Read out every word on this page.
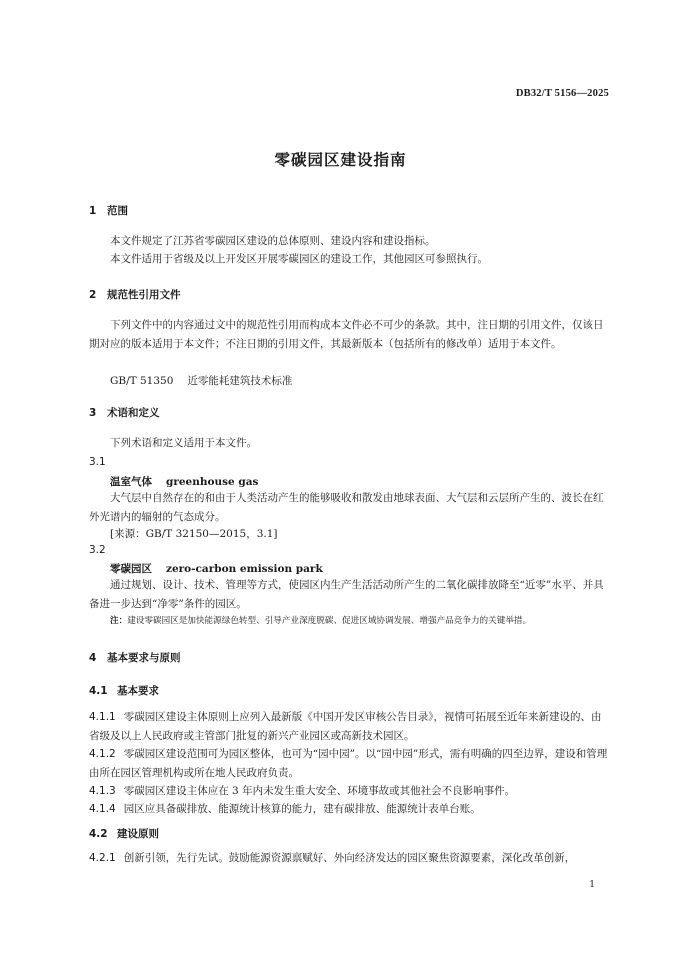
DB32/T 5156—2025
零碳园区建设指南
1 范围
本文件规定了江苏省零碳园区建设的总体原则、建设内容和建设指标。
本文件适用于省级及以上开发区开展零碳园区的建设工作，其他园区可参照执行。
2 规范性引用文件
下列文件中的内容通过文中的规范性引用而构成本文件必不可少的条款。其中，注日期的引用文件，仅该日期对应的版本适用于本文件；不注日期的引用文件，其最新版本（包括所有的修改单）适用于本文件。
GB/T 51350 近零能耗建筑技术标准
3 术语和定义
下列术语和定义适用于本文件。
3.1
温室气体 greenhouse gas
大气层中自然存在的和由于人类活动产生的能够吸收和散发由地球表面、大气层和云层所产生的、波长在红外光谱内的辐射的气态成分。
[来源：GB/T 32150—2015，3.1]
3.2
零碳园区 zero-carbon emission park
通过规划、设计、技术、管理等方式，使园区内生产生活活动所产生的二氧化碳排放降至“近零”水平、并具备进一步达到“净零”条件的园区。
注：建设零碳园区是加快能源绿色转型、引导产业深度脱碳、促进区域协调发展、增强产品竞争力的关键举措。
4 基本要求与原则
4.1 基本要求
4.1.1 零碳园区建设主体原则上应列入最新版《中国开发区审核公告目录》，视情可拓展至近年来新建设的、由省级及以上人民政府或主管部门批复的新兴产业园区或高新技术园区。
4.1.2 零碳园区建设范围可为园区整体，也可为“园中园”。以“园中园”形式，需有明确的四至边界，建设和管理由所在园区管理机构或所在地人民政府负责。
4.1.3 零碳园区建设主体应在 3 年内未发生重大安全、环境事故或其他社会不良影响事件。
4.1.4 园区应具备碳排放、能源统计核算的能力，建有碳排放、能源统计表单台账。
4.2 建设原则
4.2.1 创新引领，先行先试。鼓励能源资源禀赋好、外向经济发达的园区聚焦资源要素，深化改革创新，
1
